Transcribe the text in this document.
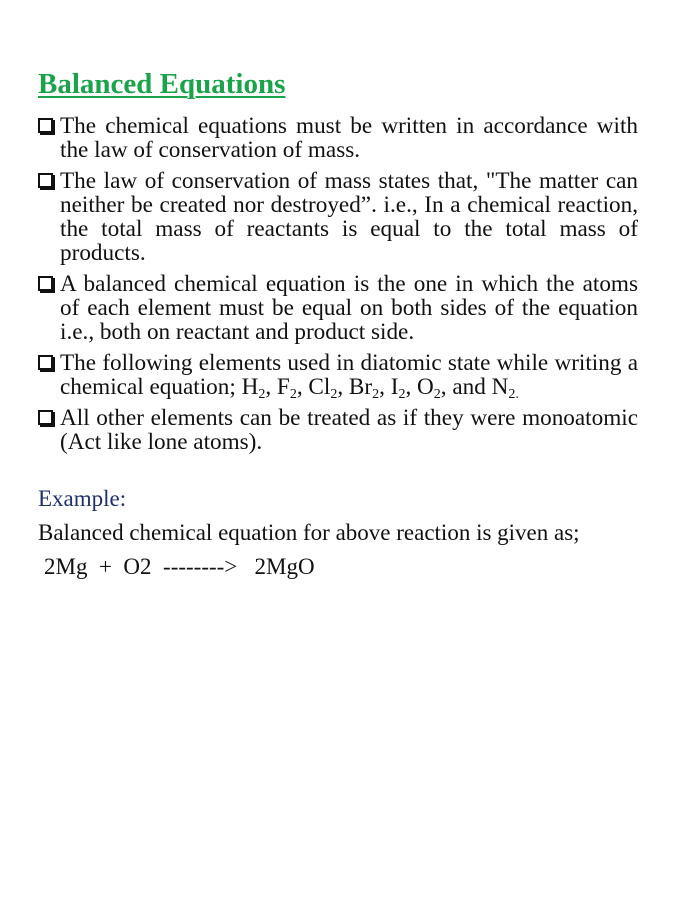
Balanced Equations
The chemical equations must be written in accordance with the law of conservation of mass.
The law of conservation of mass states that, "The matter can neither be created nor destroyed”. i.e., In a chemical reaction, the total mass of reactants is equal to the total mass of products.
A balanced chemical equation is the one in which the atoms of each element must be equal on both sides of the equation i.e., both on reactant and product side.
The following elements used in diatomic state while writing a chemical equation; $H_2$, $F_2$, $Cl_2$, $Br_2$, $I_2$, $O_2$, and $N_{2.}$
All other elements can be treated as if they were monoatomic (Act like lone atoms).

Example:

Balanced chemical equation for above reaction is given as;

2Mg  +  O2  -------->   2MgO
